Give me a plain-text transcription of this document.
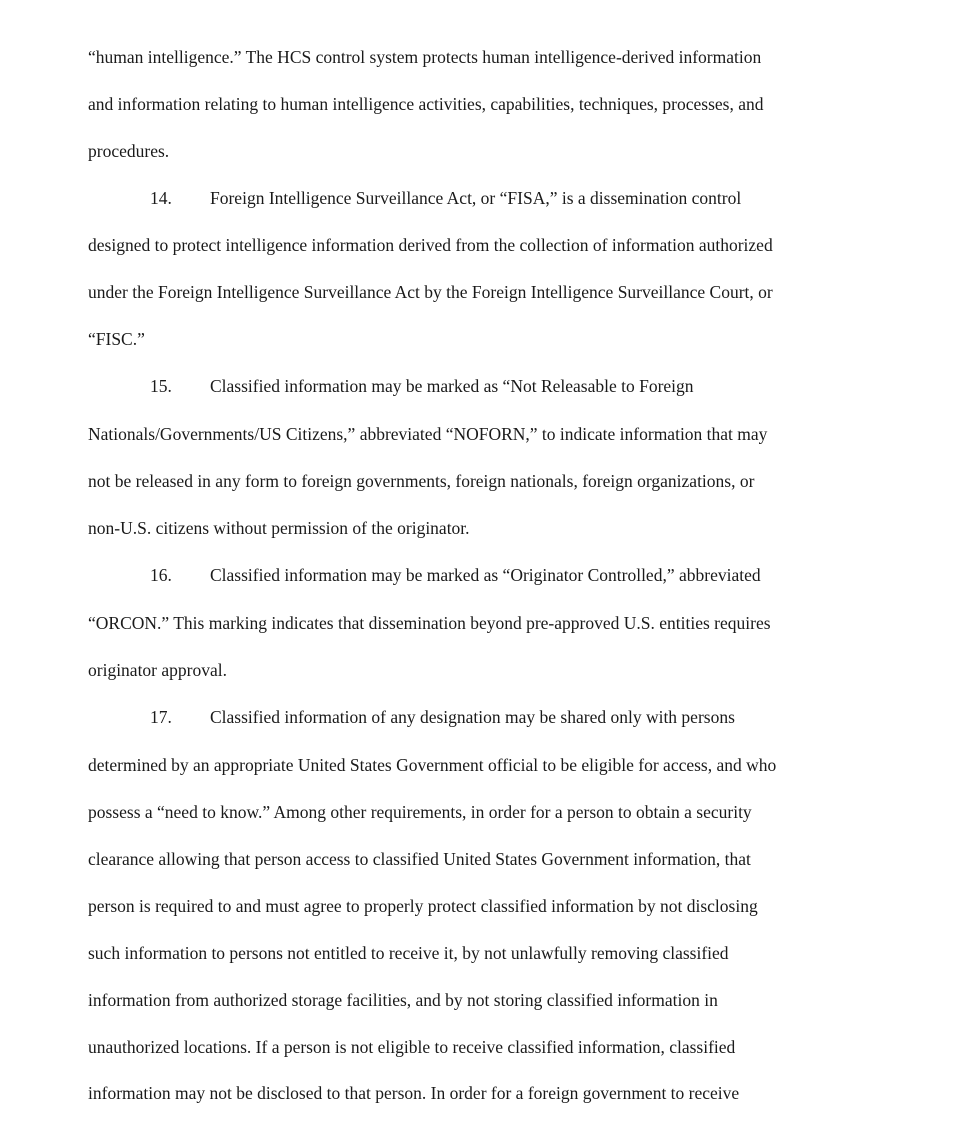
“human intelligence.” The HCS control system protects human intelligence-derived information
and information relating to human intelligence activities, capabilities, techniques, processes, and
procedures.
14. Foreign Intelligence Surveillance Act, or “FISA,” is a dissemination control
designed to protect intelligence information derived from the collection of information authorized
under the Foreign Intelligence Surveillance Act by the Foreign Intelligence Surveillance Court, or
“FISC.”
15. Classified information may be marked as “Not Releasable to Foreign
Nationals/Governments/US Citizens,” abbreviated “NOFORN,” to indicate information that may
not be released in any form to foreign governments, foreign nationals, foreign organizations, or
non-U.S. citizens without permission of the originator.
16. Classified information may be marked as “Originator Controlled,” abbreviated
“ORCON.” This marking indicates that dissemination beyond pre-approved U.S. entities requires
originator approval.
17. Classified information of any designation may be shared only with persons
determined by an appropriate United States Government official to be eligible for access, and who
possess a “need to know.” Among other requirements, in order for a person to obtain a security
clearance allowing that person access to classified United States Government information, that
person is required to and must agree to properly protect classified information by not disclosing
such information to persons not entitled to receive it, by not unlawfully removing classified
information from authorized storage facilities, and by not storing classified information in
unauthorized locations. If a person is not eligible to receive classified information, classified
information may not be disclosed to that person. In order for a foreign government to receive
